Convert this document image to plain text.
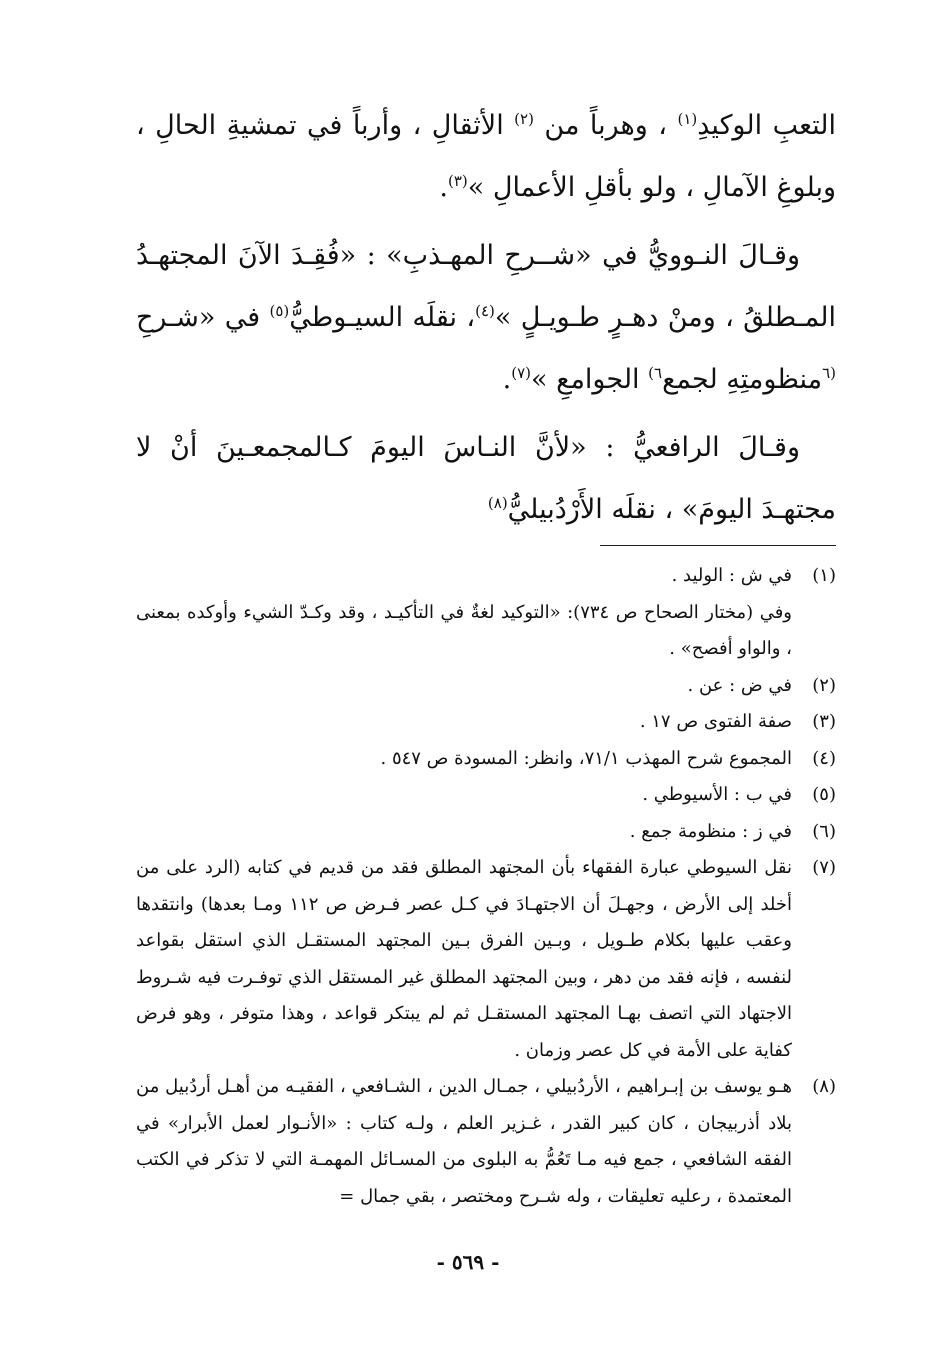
التعبِ الوكيدِ$^{(١)}$ ، وهرباً من $^{(٢)}$ الأثقالِ ، وأرباً في تمشيةِ الحالِ ، وبلوغِ الآمالِ ، ولو بأقلِ الأعمالِ »$^{(٣)}$.

وقـالَ النـوويُّ في «شــرحِ المهـذبِ» : «فُقِـدَ الآنَ المجتهـدُ المـطلقُ ، ومنْ دهـرٍ طـويـلٍ »$^{(٤)}$، نقلَه السيـوطيُّ$^{(٥)}$ في «شـرحِ $^{(٦}$منظومتِهِ لجمع$^{٦)}$ الجوامعِ »$^{(٧)}$.

وقـالَ الرافعيُّ : «لأنَّ النـاسَ اليومَ كـالمجمعـينَ أنْ لا مجتهـدَ اليومَ» ، نقلَه الأَرْدُبيليُّ$^{(٨)}$

(١)
في ش : الوليد .
وفي (مختار الصحاح ص ٧٣٤): «التوكيد لغةٌ في التأكيـد ، وقد وكـدّ الشيء وأوكده بمعنى ، والواو أفصح» .
(٢)
في ض : عن .
(٣)
صفة الفتوى ص ١٧ .
(٤)
المجموع شرح المهذب ٧١/١، وانظر: المسودة ص ٥٤٧ .
(٥)
في ب : الأسيوطي .
(٦)
في ز : منظومة جمع .
(٧)
نقل السيوطي عبارة الفقهاء بأن المجتهد المطلق فقد من قديم في كتابه (الرد على من أخلد إلى الأرض ، وجهـلَ أن الاجتهـادَ في كـل عصر فـرض ص ١١٢ ومـا بعدها) وانتقدها وعقب عليها بكلام طـويل ، وبـين الفرق بـين المجتهد المستقـل الذي استقل بقواعد لنفسه ، فإنه فقد من دهر ، وبين المجتهد المطلق غير المستقل الذي توفـرت فيه شـروط الاجتهاد التي اتصف بهـا المجتهد المستقـل ثم لم يبتكر قواعد ، وهذا متوفر ، وهو فرض كفاية على الأمة في كل عصر وزمان .
(٨)
هـو يوسف بن إبـراهيم ، الأردُبيلي ، جمـال الدين ، الشـافعي ، الفقيـه من أهـل أردُبيل من بلاد أذربيجان ، كان كبير القدر ، غـزير العلم ، ولـه كتاب : «الأنـوار لعمل الأبرار» في الفقه الشافعي ، جمع فيه مـا تَعُمُّ به البلوى من المسـائل المهمـة التي لا تذكر في الكتب المعتمدة ، رعليه تعليقات ، وله شـرح ومختصر ، بقي جمال =
- ٥٦٩ -
